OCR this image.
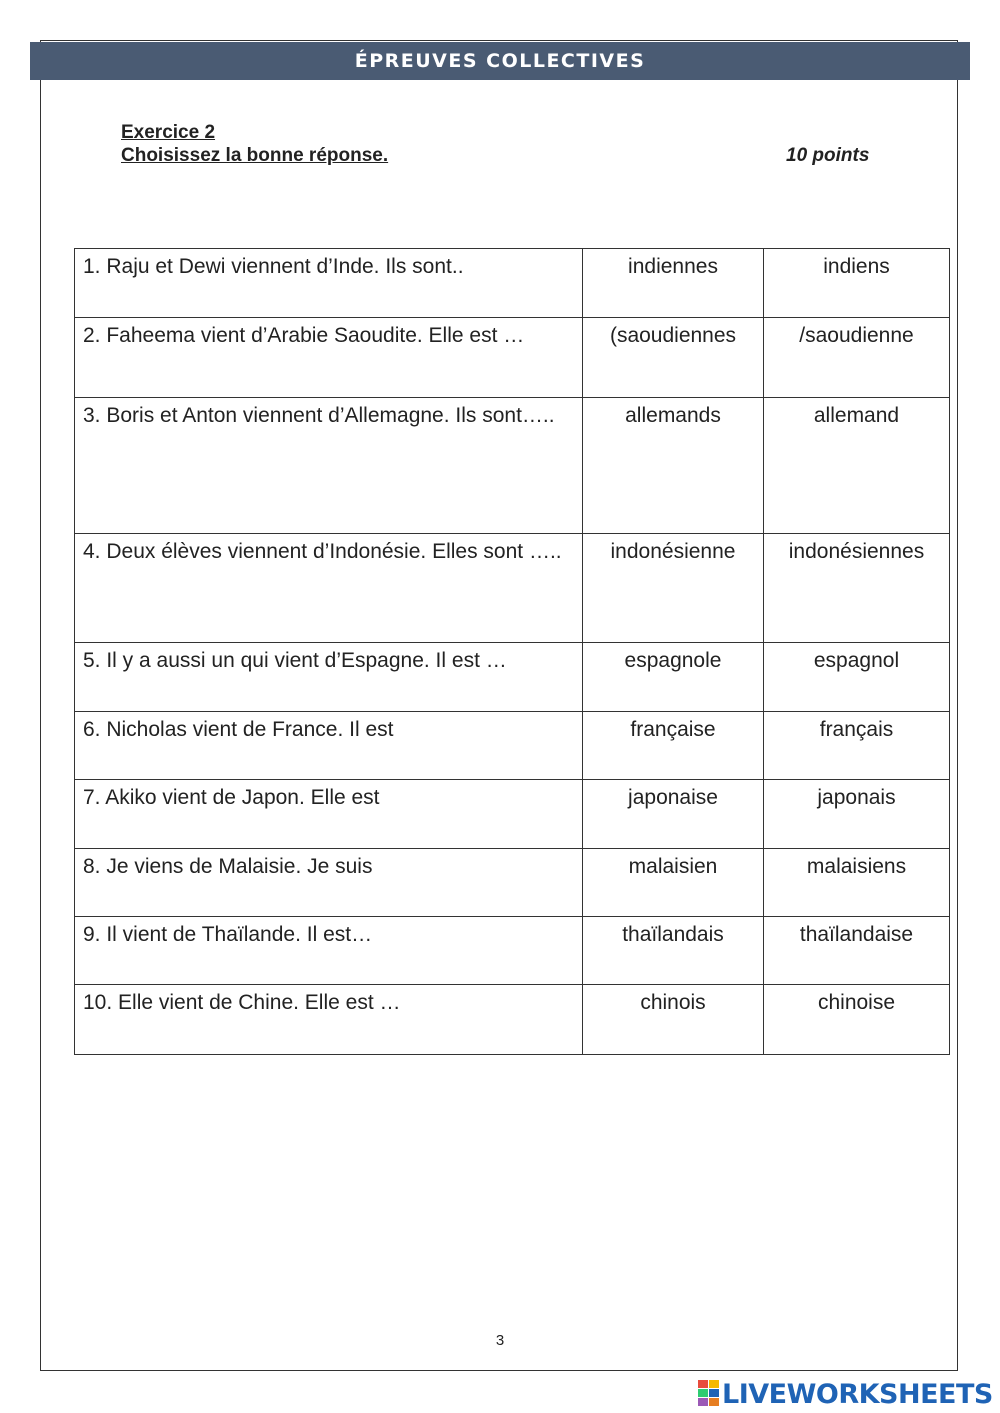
ÉPREUVES COLLECTIVES
Exercice 2
Choisissez la bonne réponse.	10 points
1. Raju et Dewi viennent d’Inde. Ils sont..	indiennes	indiens
2. Faheema vient d’Arabie Saoudite. Elle est …	(saoudiennes	/saoudienne

3. Boris et Anton viennent d’Allemagne. Ils sont…..	allemands	allemand

4. Deux élèves viennent d’Indonésie. Elles sont …..	indonésienne	indonésiennes
5. Il y a aussi un qui vient d’Espagne. Il est …	espagnole	espagnol
6. Nicholas vient de France. Il est	française	français
7. Akiko vient de Japon. Elle est	japonaise	japonais
8. Je viens de Malaisie. Je suis	malaisien	malaisiens
9. Il vient de Thaïlande. Il est…	thaïlandais	thaïlandaise
10. Elle vient de Chine. Elle est …	chinois	chinoise
3
LIVEWORKSHEETS
